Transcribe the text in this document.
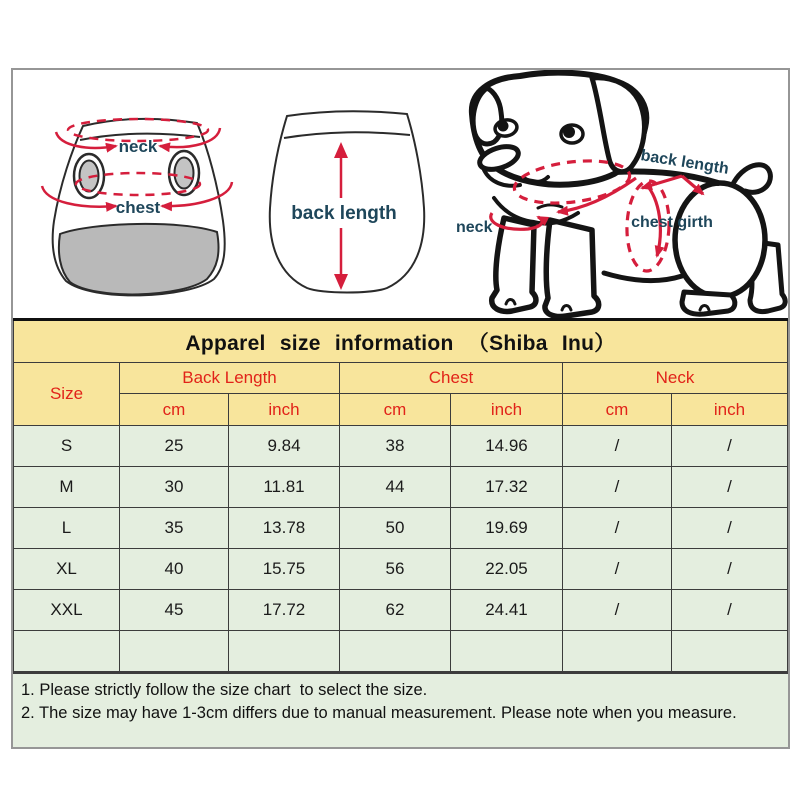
neck
chest	back length
neck
back length
chest girth
Apparel size information （Shiba Inu）						
Size	Back Length		Chest		Neck	
	cm	inch	cm	inch	cm	inch
S	25	9.84	38	14.96	/	/
M	30	11.81	44	17.32	/	/
L	35	13.78	50	19.69	/	/
XL	40	15.75	56	22.05	/	/
XXL	45	17.72	62	24.41	/	/

1. Please strictly follow the size chart  to select the size.
2. The size may have 1-3cm differs due to manual measurement. Please note when you measure.
